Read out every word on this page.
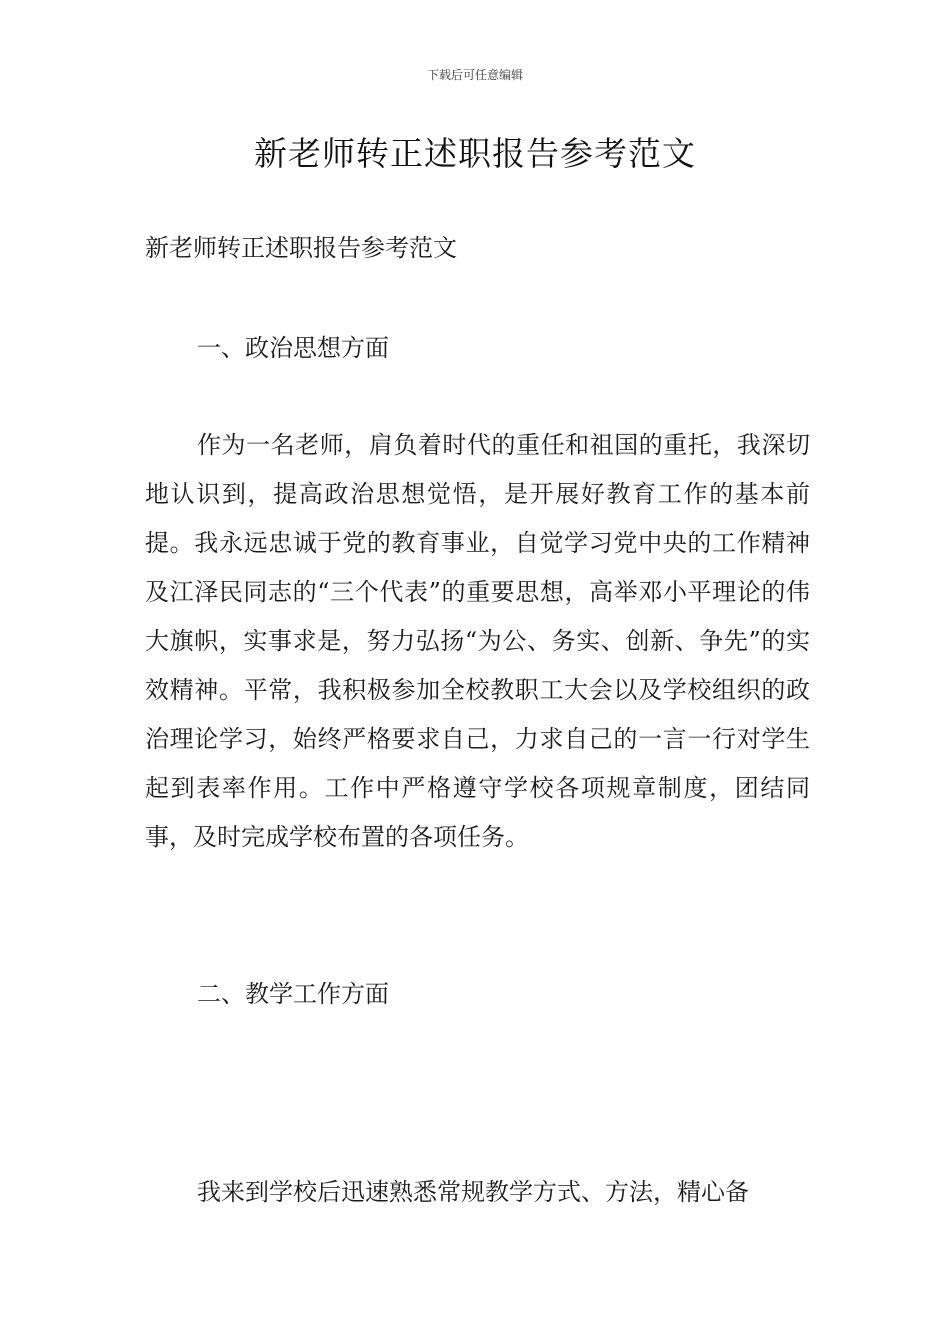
下载后可任意编辑
新老师转正述职报告参考范文
新老师转正述职报告参考范文
一、政治思想方面
作为一名老师，肩负着时代的重任和祖国的重托，我深切地认识到，提高政治思想觉悟，是开展好教育工作的基本前提。我永远忠诚于党的教育事业，自觉学习党中央的工作精神及江泽民同志的“三个代表”的重要思想，高举邓小平理论的伟大旗帜，实事求是，努力弘扬“为公、务实、创新、争先”的实效精神。平常，我积极参加全校教职工大会以及学校组织的政治理论学习，始终严格要求自己，力求自己的一言一行对学生起到表率作用。工作中严格遵守学校各项规章制度，团结同事，及时完成学校布置的各项任务。
二、教学工作方面
我来到学校后迅速熟悉常规教学方式、方法，精心备
